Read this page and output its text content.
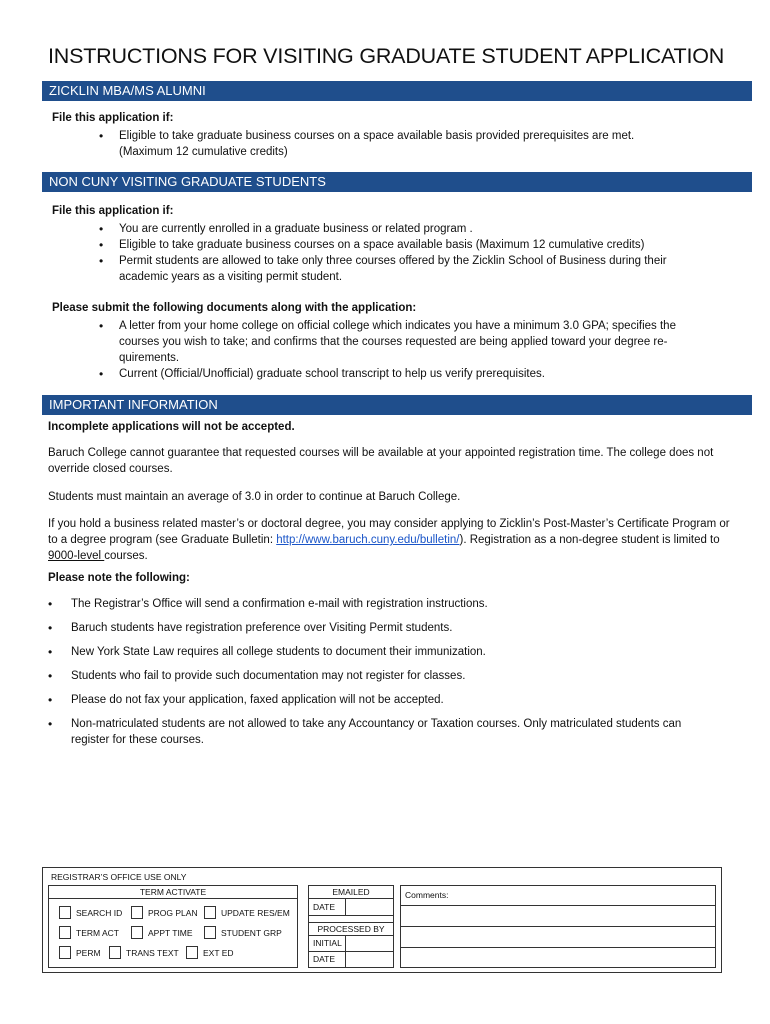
INSTRUCTIONS FOR VISITING GRADUATE STUDENT APPLICATION
ZICKLIN MBA/MS ALUMNI
File this application if:
• Eligible to take graduate business courses on a space available basis provided prerequisites are met. (Maximum 12 cumulative credits)
NON CUNY VISITING GRADUATE STUDENTS
File this application if:
• You are currently enrolled in a graduate business or related program .
• Eligible to take graduate business courses on a space available basis (Maximum 12 cumulative credits)
• Permit students are allowed to take only three courses offered by the Zicklin School of Business during their academic years as a visiting permit student.
Please submit the following documents along with the application:
• A letter from your home college on official college which indicates you have a minimum 3.0 GPA; specifies the courses you wish to take; and confirms that the courses requested are being applied toward your degree re-quirements.
• Current (Official/Unofficial) graduate school transcript to help us verify prerequisites.
IMPORTANT INFORMATION
Incomplete applications will not be accepted.
Baruch College cannot guarantee that requested courses will be available at your appointed registration time. The college does not override closed courses.
Students must maintain an average of 3.0 in order to continue at Baruch College.
If you hold a business related master’s or doctoral degree, you may consider applying to Zicklin’s Post-Master’s Certificate Program or to a degree program (see Graduate Bulletin: http://www.baruch.cuny.edu/bulletin/). Registration as a non-degree student is limited to 9000-level courses.
Please note the following:
• The Registrar’s Office will send a confirmation e-mail with registration instructions.
• Baruch students have registration preference over Visiting Permit students.
• New York State Law requires all college students to document their immunization.
• Students who fail to provide such documentation may not register for classes.
• Please do not fax your application, faxed application will not be accepted.
• Non-matriculated students are not allowed to take any Accountancy or Taxation courses. Only matriculated students can register for these courses.
REGISTRAR’S OFFICE USE ONLY
TERM ACTIVATE
SEARCH ID	PROG PLAN	UPDATE RES/EM
TERM ACT	APPT TIME	STUDENT GRP
PERM	TRANS TEXT	EXT ED
EMAILED
DATE
PROCESSED BY
INITIAL
DATE
Comments:
